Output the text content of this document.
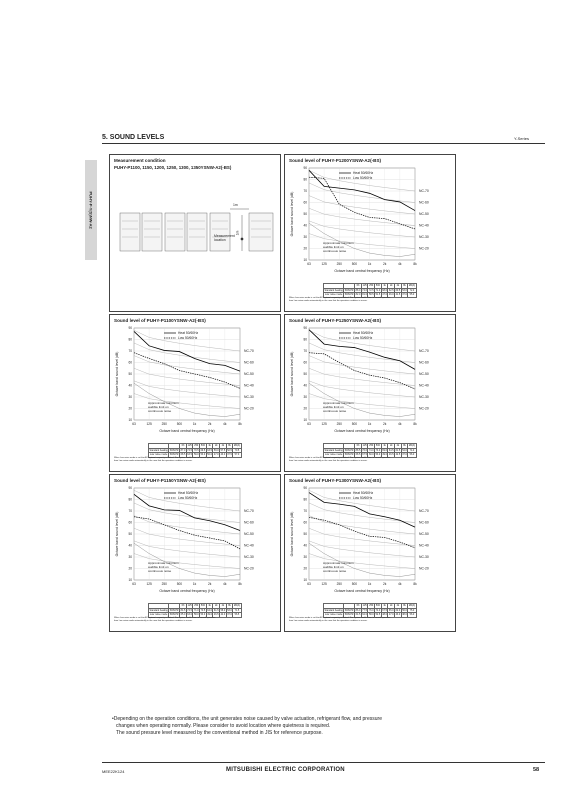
5. SOUND LEVELS	Y-Series
PUHY-P-Y(S)NW-A2
Measurement condition
PUHY-P1100, 1150, 1200, 1250, 1300, 1350YSNW-A2(-BS)
1m
1m
Measurement
location
Sound level of PUHY-P1200YSNW-A2(-BS)
10
20
30
40
50
60
70
80
90
63	125	250	500	1k	2k	4k	8k
NC-70
NC-60
NC-50
NC-40
NC-30
NC-20
Approximate minimum
audible limit on
continuous noise
Heat 50/60Hz
Low 50/60Hz
Octave band sound level (dB)
Octave band central frequency (Hz)
		63	125	250	500	1k	2k	4k	8k	dB(A)
Standard heating	50/60Hz	88.0	74.0	72.5	71.0	68.0	62.5	60.5	53.0	72.0
Low noise mode	50/60Hz	82.0	81.0	58.5	51.5	47.0	46.0	41.5	37.0	55.0
When Low noise mode is set the A/C system's capacity is limited. The system could return to normal operation
from Low noise mode automatically in the case that the operation condition is severe.
Sound level of PUHY-P1100YSNW-A2(-BS)
10
20
30
40
50
60
70
80
90
63	125	250	500	1k	2k	4k	8k
NC-70
NC-60
NC-50
NC-40
NC-30
NC-20
Approximate minimum
audible limit on
continuous noise
Heat 50/60Hz
Low 50/60Hz
Octave band sound level (dB)
Octave band central frequency (Hz)
		63	125	250	500	1k	2k	4k	8k	dB(A)
Standard heating	50/60Hz	87.0	74.5	70.5	69.5	63.5	59.0	57.5	52.5	70.5
Low noise mode	50/60Hz	68.5	63.5	59.0	53.0	50.0	47.0	43.0	37.5	57.0
When Low noise mode is set the A/C system's capacity is limited. The system could return to normal operation
from Low noise mode automatically in the case that the operation condition is severe.
Sound level of PUHY-P1250YSNW-A2(-BS)
10
20
30
40
50
60
70
80
90
63	125	250	500	1k	2k	4k	8k
NC-70
NC-60
NC-50
NC-40
NC-30
NC-20
Approximate minimum
audible limit on
continuous noise
Heat 50/60Hz
Low 50/60Hz
Octave band sound level (dB)
Octave band central frequency (Hz)
		63	125	250	500	1k	2k	4k	8k	dB(A)
Standard heating	50/60Hz	88.5	76.0	74.0	73.0	69.0	64.5	61.5	54.0	74.0
Low noise mode	50/60Hz	68.5	67.5	60.0	53.0	49.0	46.5	42.5	37.0	56.0
When Low noise mode is set the A/C system's capacity is limited. The system could return to normal operation
from Low noise mode automatically in the case that the operation condition is severe.
Sound level of PUHY-P1150YSNW-A2(-BS)
10
20
30
40
50
60
70
80
90
63	125	250	500	1k	2k	4k	8k
NC-70
NC-60
NC-50
NC-40
NC-30
NC-20
Approximate minimum
audible limit on
continuous noise
Heat 50/60Hz
Low 50/60Hz
Octave band sound level (dB)
Octave band central frequency (Hz)
		63	125	250	500	1k	2k	4k	8k	dB(A)
Standard heating	50/60Hz	84.5	74.5	71.0	70.5	64.0	61.5	58.0	53.0	71.5
Low noise mode	50/60Hz	65.0	63.0	58.0	53.0	49.0	46.5	44.0	37.0	56.5
When Low noise mode is set the A/C system's capacity is limited. The system could return to normal operation
from Low noise mode automatically in the case that the operation condition is severe.
Sound level of PUHY-P1300YSNW-A2(-BS)
10
20
30
40
50
60
70
80
90
63	125	250	500	1k	2k	4k	8k
NC-70
NC-60
NC-50
NC-40
NC-30
NC-20
Approximate minimum
audible limit on
continuous noise
Heat 50/60Hz
Low 50/60Hz
Octave band sound level (dB)
Octave band central frequency (Hz)
		63	125	250	500	1k	2k	4k	8k	dB(A)
Standard heating	50/60Hz	86.0	77.5	76.0	74.0	67.5	65.0	62.0	56.0	75.0
Low noise mode	50/60Hz	64.5	62.0	58.0	52.5	48.0	47.0	43.0	38.0	56.0
When Low noise mode is set the A/C system's capacity is limited. The system could return to normal operation
from Low noise mode automatically in the case that the operation condition is severe.
•Depending on the operation conditions, the unit generates noise caused by valve actuation, refrigerant flow, and pressure
changes when operating normally. Please consider to avoid location where quietness is required.
The sound pressure level measured by the conventional method in JIS for reference purpose.
MEE22K124	MITSUBISHI ELECTRIC CORPORATION	58
